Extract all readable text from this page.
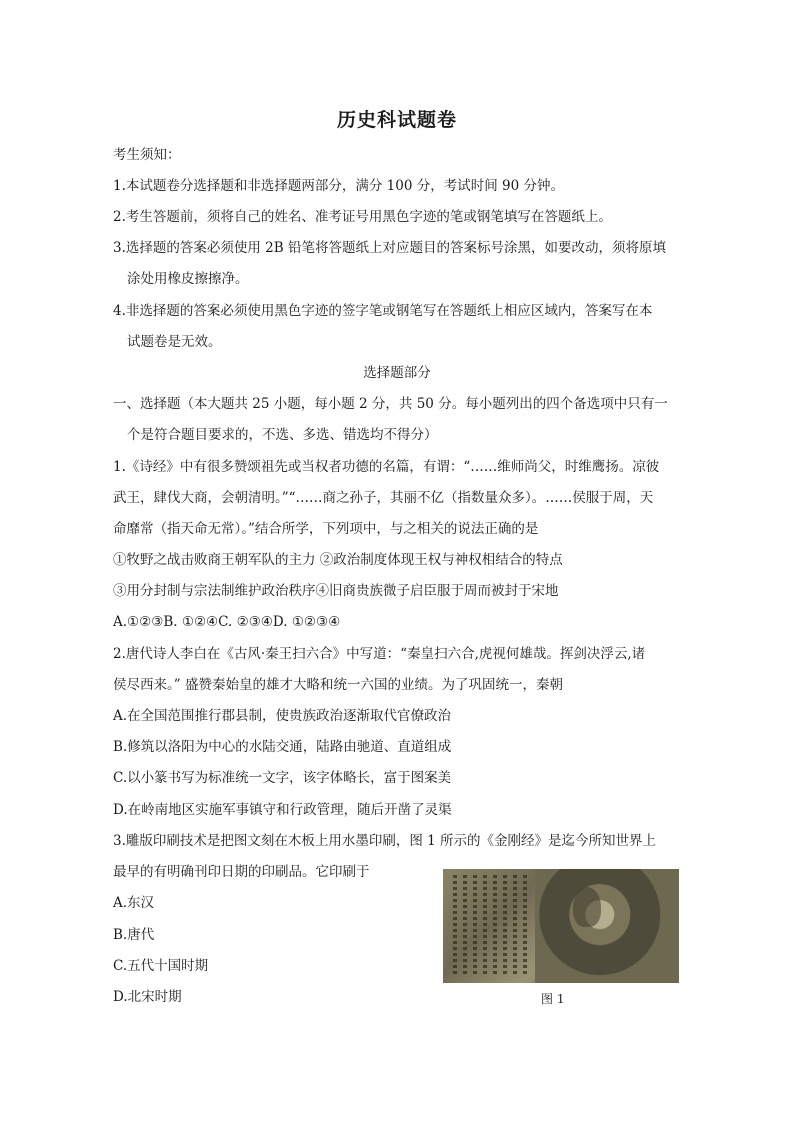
历史科试题卷
考生须知：
1.本试题卷分选择题和非选择题两部分，满分 100 分，考试时间 90 分钟。
2.考生答题前，须将自己的姓名、准考证号用黑色字迹的笔或钢笔填写在答题纸上。
3.选择题的答案必须使用 2B 铅笔将答题纸上对应题目的答案标号涂黑，如要改动，须将原填
涂处用橡皮擦擦净。
4.非选择题的答案必须使用黑色字迹的签字笔或钢笔写在答题纸上相应区域内，答案写在本
试题卷是无效。
选择题部分
一、选择题（本大题共 25 小题，每小题 2 分，共 50 分。每小题列出的四个备选项中只有一
个是符合题目要求的，不选、多选、错选均不得分）
1.《诗经》中有很多赞颂祖先或当权者功德的名篇，有谓：“……维师尚父，时维鹰扬。凉彼
武王，肆伐大商，会朝清明。”“……商之孙子，其丽不亿（指数量众多）。……侯服于周，天
命靡常（指天命无常）。”结合所学，下列项中，与之相关的说法正确的是
①牧野之战击败商王朝军队的主力 ②政治制度体现王权与神权相结合的特点
③用分封制与宗法制维护政治秩序④旧商贵族微子启臣服于周而被封于宋地
A.①②③B. ①②④C. ②③④D. ①②③④
2.唐代诗人李白在《古风·秦王扫六合》中写道：“秦皇扫六合,虎视何雄哉。挥剑决浮云,诸
侯尽西来。” 盛赞秦始皇的雄才大略和统一六国的业绩。为了巩固统一，秦朝
A.在全国范围推行郡县制，使贵族政治逐渐取代官僚政治
B.修筑以洛阳为中心的水陆交通，陆路由驰道、直道组成
C.以小篆书写为标准统一文字，该字体略长，富于图案美
D.在岭南地区实施军事镇守和行政管理，随后开凿了灵渠
3.雕版印刷技术是把图文刻在木板上用水墨印刷，图 1 所示的《金刚经》是迄今所知世界上
最早的有明确刊印日期的印刷品。它印刷于
A.东汉
B.唐代
C.五代十国时期
D.北宋时期	图 1
